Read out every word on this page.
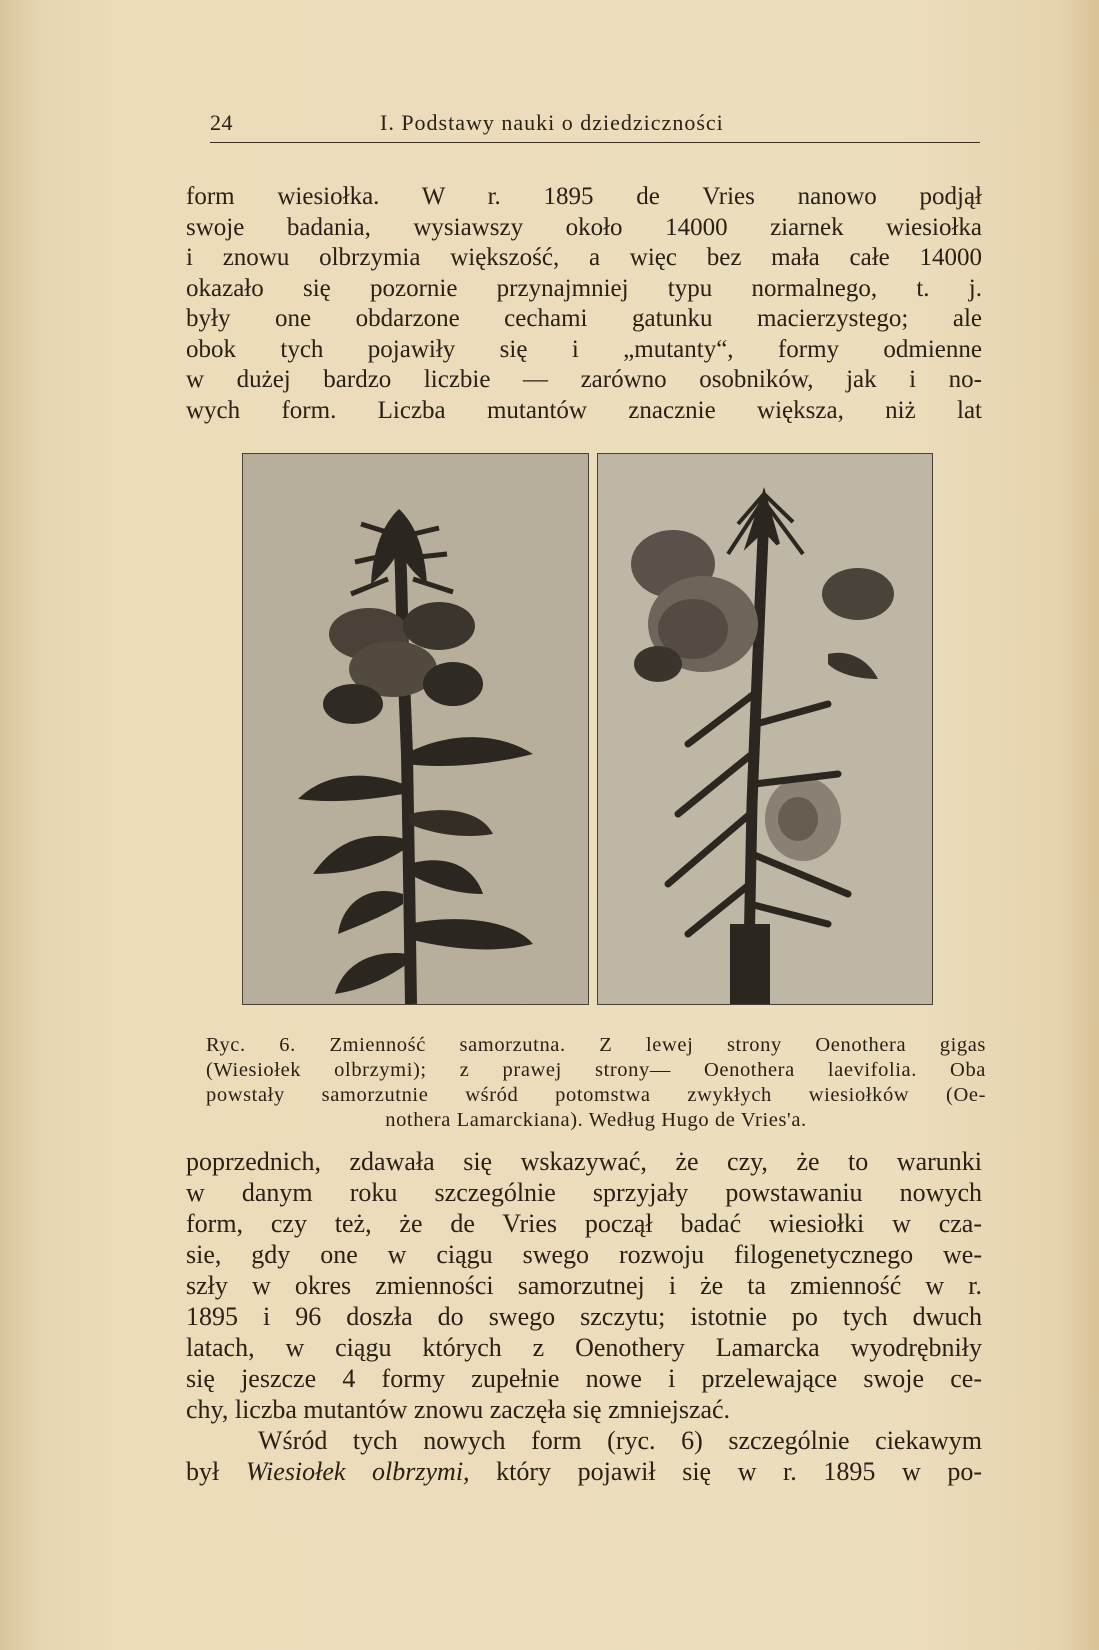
24	I. Podstawy nauki o dziedziczności
form wiesiołka. W r. 1895 de Vries nanowo podjął
swoje badania, wysiawszy około 14000 ziarnek wiesiołka
i znowu olbrzymia większość, a więc bez mała całe 14000
okazało się pozornie przynajmniej typu normalnego, t. j.
były one obdarzone cechami gatunku macierzystego; ale
obok tych pojawiły się i „mutanty“, formy odmienne
w dużej bardzo liczbie — zarówno osobników, jak i no-
wych form. Liczba mutantów znacznie większa, niż lat
Ryc. 6. Zmienność samorzutna. Z lewej strony Oenothera gigas
(Wiesiołek olbrzymi); z prawej strony— Oenothera laevifolia. Oba
powstały samorzutnie wśród potomstwa zwykłych wiesiołków (Oe-
nothera Lamarckiana). Według Hugo de Vries'a.
poprzednich, zdawała się wskazywać, że czy, że to warunki
w danym roku szczególnie sprzyjały powstawaniu nowych
form, czy też, że de Vries począł badać wiesiołki w cza-
sie, gdy one w ciągu swego rozwoju filogenetycznego we-
szły w okres zmienności samorzutnej i że ta zmienność w r.
1895 i 96 doszła do swego szczytu; istotnie po tych dwuch
latach, w ciągu których z Oenothery Lamarcka wyodrębniły
się jeszcze 4 formy zupełnie nowe i przelewające swoje ce-
chy, liczba mutantów znowu zaczęła się zmniejszać.
Wśród tych nowych form (ryc. 6) szczególnie ciekawym
był Wiesiołek olbrzymi, który pojawił się w r. 1895 w po-
